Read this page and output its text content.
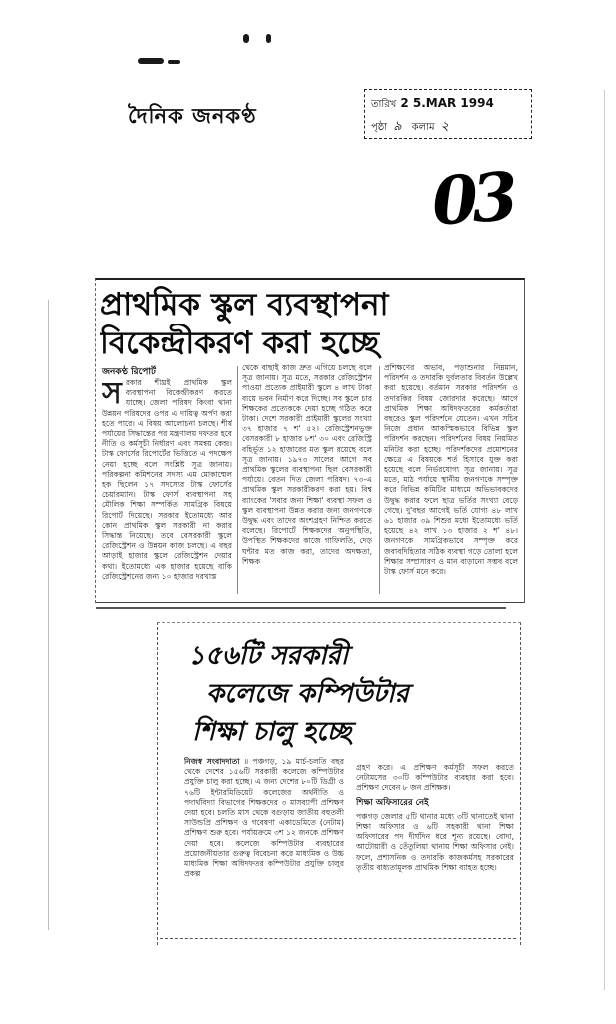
দৈনিক জনকণ্ঠ	তারিখ 2 5.MAR 1994
পৃষ্ঠা ৯ কলাম ২
03
প্রাথমিক স্কুল ব্যবস্থাপনা
বিকেন্দ্রীকরণ করা হচ্ছে
জনকণ্ঠ রিপোর্ট
সরকার শীঘ্রই প্রাথমিক স্কুল ব্যবস্থাপনা বিকেন্দ্রীকরণ করতে যাচ্ছে। জেলা পরিষদ কিংবা থানা উন্নয়ন পরিষদের ওপর এ দায়িত্ব অর্পণ করা হতে পারে। এ বিষয় আলোচনা চলছে। শীর্ষ পর্যায়ের সিদ্ধান্তের পর মন্ত্রণালয় দফতর হবে নীতি ও কর্মসূচী নির্ধারণ এবং সমন্বয় কেন্দ্র। টাস্ক ফোর্সের রিপোর্টের ভিত্তিতে এ পদক্ষেপ নেয়া হচ্ছে বলে সংশ্লিষ্ট সূত্র জানায়। পরিকল্পনা কমিশনের সদস্য এম মোকাম্মেল হক ছিলেন ১৭ সদস্যের টাস্ক ফোর্সের চেয়ারম্যান। টাস্ক ফোর্স ব্যবস্থাপনা সহ মৌলিক শিক্ষা সম্পর্কিত সামগ্রিক বিষয়ে রিপোর্ট দিয়েছে। সরকার ইতোমধ্যে আর কোন প্রাথমিক স্কুল সরকারী না করার সিদ্ধান্ত নিয়েছে। তবে বেসরকারী স্কুলে রেজিস্ট্রেশন ও উন্নয়ন কাজ চলছে। এ বছর আড়াই হাজার স্কুলে রেজিস্ট্রেশন দেয়ার কথা। ইতোমধ্যে এক হাজার হয়েছে বাকি রেজিস্ট্রেশনের জন্য ১০ হাজার দরখাস্ত
থেকে বাছাই কাজ দ্রুত এগিয়ে চলছে বলে সূত্র জানায়। সূত্র মতে, সরকার রেজিস্ট্রেশন পাওয়া প্রত্যেক প্রাইমারী স্কুলে ৪ লাখ টাকা ব্যয়ে ভবন নির্মাণ করে দিচ্ছে। সব স্কুলে চার শিক্ষকের প্রত্যেককে দেয়া হচ্ছে গঠিত করে টাকা। দেশে সরকারী প্রাইমারী স্কুলের সংখ্যা ৩৭ হাজার ৭ শ' ৫২। রেজিস্ট্রেশনভুক্ত বেসরকারী ৮ হাজার ৮শ' ৩০ এবং রেজিস্ট্রি বহির্ভূত ১২ হাজারের মত স্কুল রয়েছে বলে সূত্র জানায়। ১৯৭৩ সালের আগে সব প্রাথমিক স্কুলের ব্যবস্থাপনা ছিল বেসরকারী পর্যায়ে। বেতন দিত জেলা পরিষদ। ৭৩-এ প্রাথমিক স্কুল সরকারীকরণ করা হয়। বিশ্ব ব্যাংকের 'সবার জন্য শিক্ষা' ব্যবস্থা সফল ও স্কুল ব্যবস্থাপনা উন্নত করার জন্য জনগণকে উদ্বুদ্ধ এবং তাদের অংশগ্রহণ নিশ্চিত করতে বলেছে। রিপোর্টে শিক্ষকদের অনুপস্থিতি, উপস্থিত শিক্ষকদের কাজে গাফিলতি, দেড় ঘন্টার মত কাজ করা, তাদের অদক্ষতা, শিক্ষক
প্রশিক্ষণের অভাব, পড়াশুনার নিম্নমান, পরিদর্শন ও তদারকি দুর্বলতার বিবর্তন উল্লেখ করা হয়েছে। বর্তমান সরকার পরিদর্শন ও তদারকির বিষয় জোরদার করেছে। আগে প্রাথমিক শিক্ষা অধিদফতরের কর্মকর্তারা বছরেও স্কুল পরিদর্শনে যেতেন। এখন সচিব নিজে প্রধান আকস্মিকভাবে বিভিন্ন স্কুল পরিদর্শন করছেন। পরিদর্শনের বিষয় নিয়মিত মনিটর করা হচ্ছে। পরিদর্শকদের প্রমোশনের ক্ষেত্রে এ বিষয়কে শর্ত হিসাবে যুক্ত করা হয়েছে বলে নির্ভরযোগ্য সূত্র জানায়। সূত্র মতে, মাঠ পর্যায়ে স্থানীয় জনগণকে সম্পৃক্ত করে বিভিন্ন কমিটির মাধ্যমে অভিভাবকদের উদ্বুদ্ধ করার ফলে ছাত্র ভর্তির সংখ্যা বেড়ে গেছে। দু'বছর আগেই ভর্তি যোগ্য ৪৮ লাখ ৬১ হাজার ৩৯ শিশুর মধ্যে ইতোমধ্যে ভর্তি হয়েছে ৪২ লাখ ১৩ হাজার ২ শ' ৪৮। জনগণকে সামগ্রিকভাবে সম্পৃক্ত করে জবাবদিহিতার সঠিক ব্যবস্থা গড়ে তোলা হলে শিক্ষার সম্প্রসারণ ও মান বাড়ানো সম্ভব বলে টাস্ক ফোর্স মনে করে।
১৫৬টি সরকারী
কলেজে কম্পিউটার
শিক্ষা চালু হচ্ছে
নিজস্ব সংবাদদাতা ॥ পঞ্চগড়, ১৯ মার্চ-চলতি বছর থেকে দেশের ১৫৬টি সরকারী কলেজে কম্পিউটার প্রযুক্তি চালু করা হচ্ছে। এ জন্য দেশের ৮০টি ডিগ্রী ও ৭৬টি ইন্টারমিডিয়েট কলেজের অর্থনীতি ও পদার্থবিদ্যা বিভাগের শিক্ষকদের ৩ মাসব্যাপী প্রশিক্ষণ দেয়া হবে। চলতি মাস থেকে বগুড়ায় জাতীয় বহুতলী সাউন্ডপ্রি প্রশিক্ষণ ও গবেষণা একাডেমিতে (নেটাম) প্রশিক্ষণ শুরু হবে। পর্যায়ক্রমে ৩শ ১২ জনকে প্রশিক্ষণ দেয়া হবে। কলেজে কম্পিউটার ব্যবহারের প্রয়োজনীয়তার গুরুত্ব বিবেচনা করে মাধ্যমিক ও উচ্চ মাধ্যমিক শিক্ষা অধিদফতর কম্পিউটার প্রযুক্তি চালুর প্রকল্প

গ্রহণ করে। এ প্রশিক্ষণ কর্মসূচী সফল করতে নেটামসের ৩০টি কম্পিউটার ব্যবহার করা হবে। প্রশিক্ষণ দেবেন ৮ জন প্রশিক্ষক।

শিক্ষা অফিসারের নেই

পঞ্চগড় জেলার ৫টি থানার মধ্যে ৩টি থানাতেই থানা শিক্ষা অফিসার ও ৬টি সহকারী থানা শিক্ষা অফিসারের পদ দীর্ঘদিন ধরে শূন্য রয়েছে। বোদা, আটোয়ারী ও তেঁতুলিয়া থানায় শিক্ষা অফিসার নেই। ফলে, প্রশাসনিক ও তদারকি কাজকর্মসহ সরকারের তৃতীয় বাধ্যতামূলক প্রাথমিক শিক্ষা ব্যাহত হচ্ছে।
